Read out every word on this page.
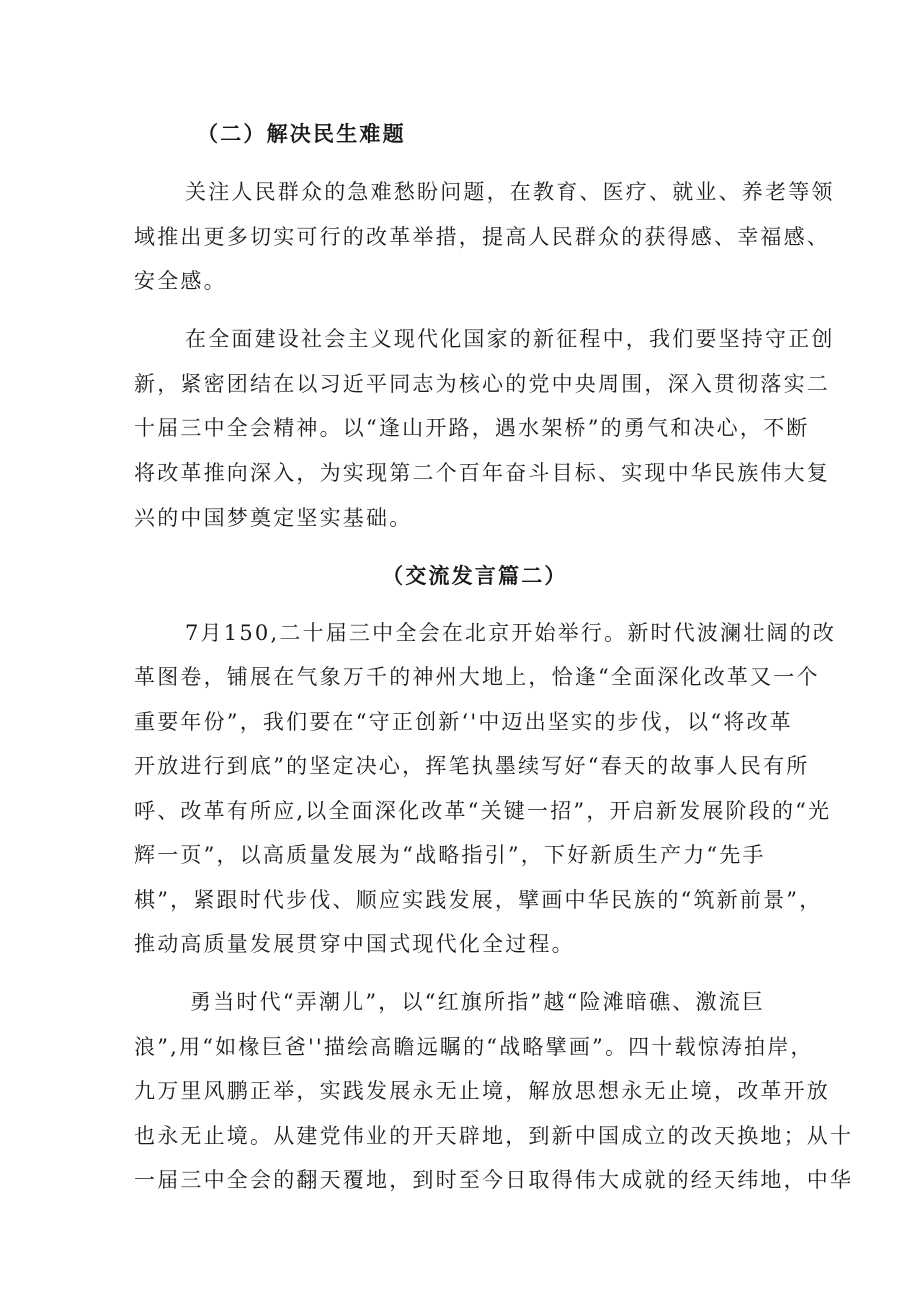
（二）解决民生难题
关注人民群众的急难愁盼问题，在教育、医疗、就业、养老等领
域推出更多切实可行的改革举措，提高人民群众的获得感、幸福感、
安全感。
在全面建设社会主义现代化国家的新征程中，我们要坚持守正创
新，紧密团结在以习近平同志为核心的党中央周围，深入贯彻落实二
十届三中全会精神。以“逢山开路，遇水架桥”的勇气和决心，不断
将改革推向深入，为实现第二个百年奋斗目标、实现中华民族伟大复
兴的中国梦奠定坚实基础。
（交流发言篇二）
7月150,二十届三中全会在北京开始举行。新时代波澜壮阔的改
革图卷，铺展在气象万千的神州大地上，恰逢“全面深化改革又一个
重要年份”，我们要在“守正创新‘'中迈出坚实的步伐，以“将改革
开放进行到底”的坚定决心，挥笔执墨续写好“春天的故事人民有所
呼、改革有所应,以全面深化改革“关键一招”，开启新发展阶段的“光
辉一页”，以高质量发展为“战略指引”，下好新质生产力“先手
棋”，紧跟时代步伐、顺应实践发展，擘画中华民族的“筑新前景”，
推动高质量发展贯穿中国式现代化全过程。
勇当时代“弄潮儿”，以“红旗所指”越“险滩暗礁、激流巨
浪”,用“如椽巨爸''描绘高瞻远瞩的“战略擘画”。四十载惊涛拍岸，
九万里风鹏正举，实践发展永无止境，解放思想永无止境，改革开放
也永无止境。从建党伟业的开天辟地，到新中国成立的改天换地；从十
一届三中全会的翻天覆地，到时至今日取得伟大成就的经天纬地，中华
